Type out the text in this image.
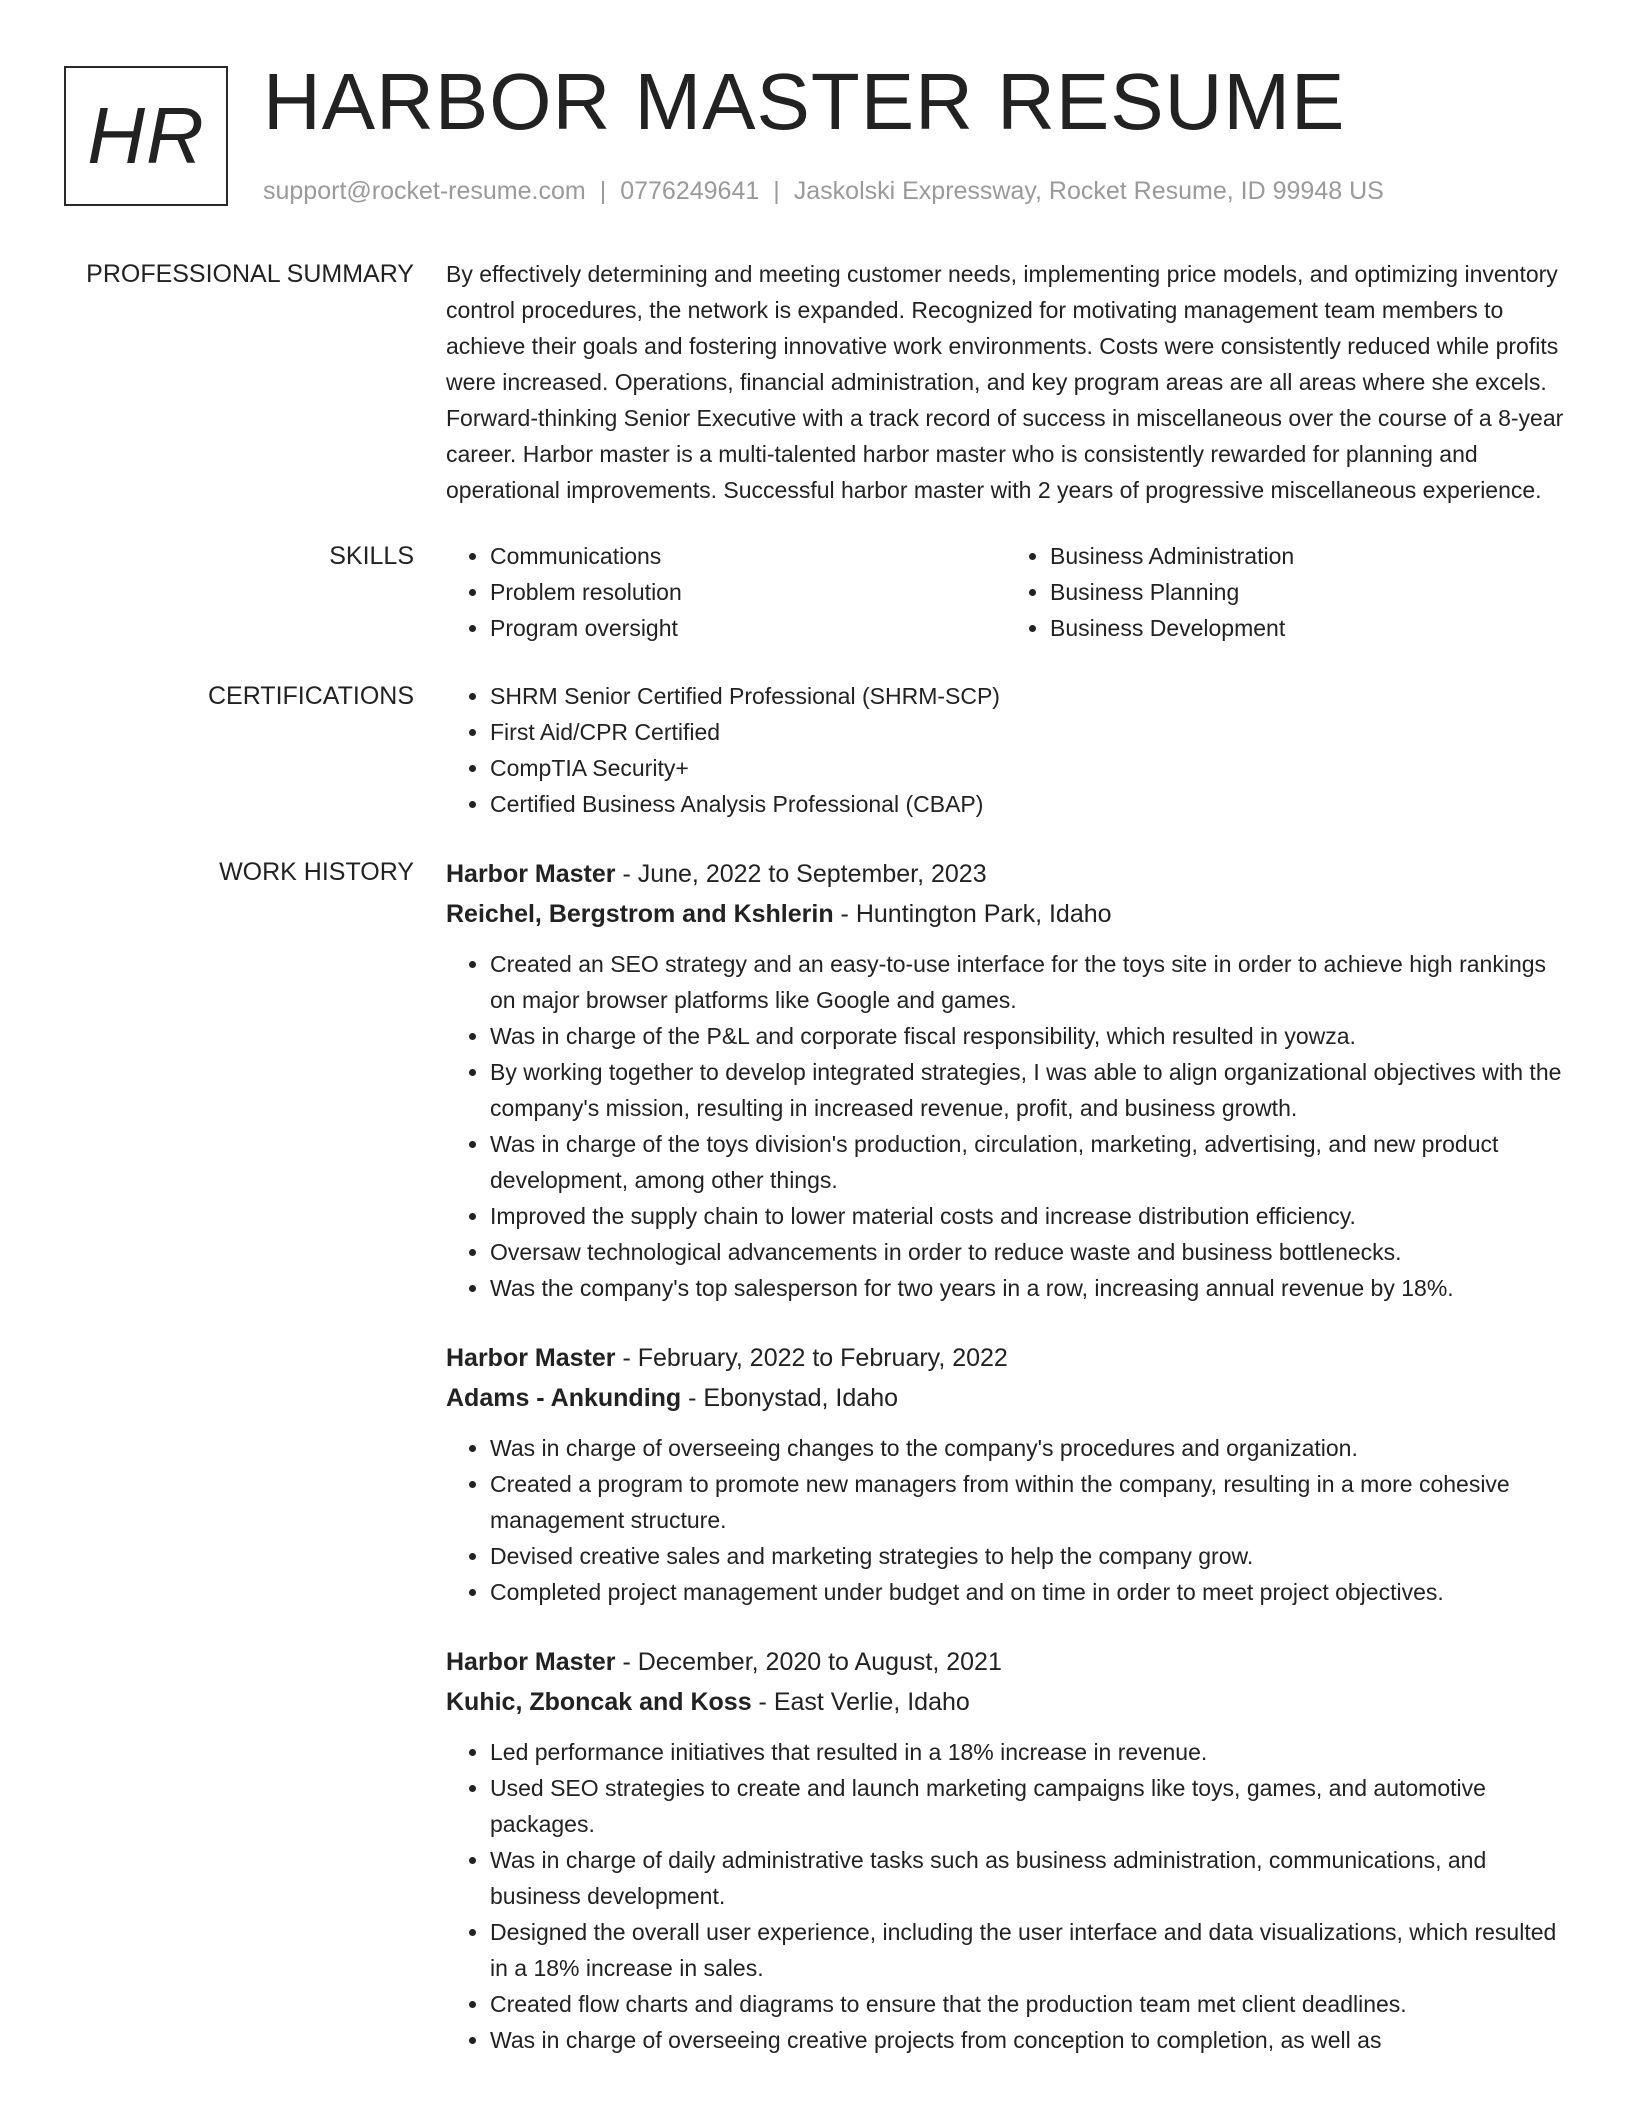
HR HARBOR MASTER RESUME
support@rocket-resume.com | 0776249641 | Jaskolski Expressway, Rocket Resume, ID 99948 US
PROFESSIONAL SUMMARY By effectively determining and meeting customer needs, implementing price models, and optimizing inventory control procedures, the network is expanded. Recognized for motivating management team members to achieve their goals and fostering innovative work environments. Costs were consistently reduced while profits were increased. Operations, financial administration, and key program areas are all areas where she excels. Forward-thinking Senior Executive with a track record of success in miscellaneous over the course of a 8-year career. Harbor master is a multi-talented harbor master who is consistently rewarded for planning and operational improvements. Successful harbor master with 2 years of progressive miscellaneous experience.

SKILLS	• Communications
• Problem resolution
• Program oversight
• Business Administration
• Business Planning
• Business Development
CERTIFICATIONS	• SHRM Senior Certified Professional (SHRM-SCP)
• First Aid/CPR Certified
• CompTIA Security+
• Certified Business Analysis Professional (CBAP)
WORK HISTORY Harbor Master - June, 2022 to September, 2023
Reichel, Bergstrom and Kshlerin - Huntington Park, Idaho
• Created an SEO strategy and an easy-to-use interface for the toys site in order to achieve high rankings on major browser platforms like Google and games.
• Was in charge of the P&L and corporate fiscal responsibility, which resulted in yowza.
• By working together to develop integrated strategies, I was able to align organizational objectives with the company's mission, resulting in increased revenue, profit, and business growth.
• Was in charge of the toys division's production, circulation, marketing, advertising, and new product development, among other things.
• Improved the supply chain to lower material costs and increase distribution efficiency.
• Oversaw technological advancements in order to reduce waste and business bottlenecks.
• Was the company's top salesperson for two years in a row, increasing annual revenue by 18%.
Harbor Master - February, 2022 to February, 2022
Adams - Ankunding - Ebonystad, Idaho
• Was in charge of overseeing changes to the company's procedures and organization.
• Created a program to promote new managers from within the company, resulting in a more cohesive management structure.
• Devised creative sales and marketing strategies to help the company grow.
• Completed project management under budget and on time in order to meet project objectives.
Harbor Master - December, 2020 to August, 2021
Kuhic, Zboncak and Koss - East Verlie, Idaho
• Led performance initiatives that resulted in a 18% increase in revenue.
• Used SEO strategies to create and launch marketing campaigns like toys, games, and automotive packages.
• Was in charge of daily administrative tasks such as business administration, communications, and business development.
• Designed the overall user experience, including the user interface and data visualizations, which resulted in a 18% increase in sales.
• Created flow charts and diagrams to ensure that the production team met client deadlines.
• Was in charge of overseeing creative projects from conception to completion, as well as
